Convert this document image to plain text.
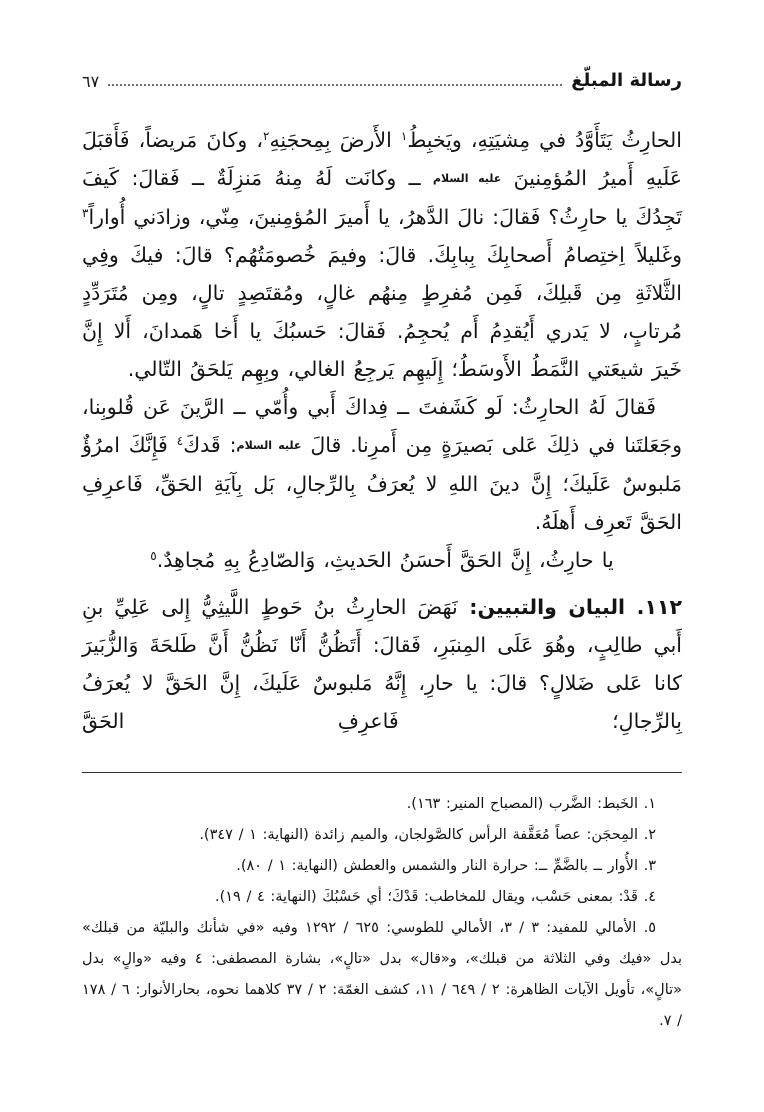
رسالة المبلّغ
٦٧

الحارِثُ يَتَأَوَّدُ في مِشيَتِهِ، ويَخبِطُ$^١$ الأَرضَ بِمِحجَنِهِ$^٢$، وكانَ مَريضاً، فَأَقبَلَ عَلَيهِ أَميرُ المُؤمِنينَ عليه السلام ــ وكانَت لَهُ مِنهُ مَنزِلَةٌ ــ فَقالَ: كَيفَ تَجِدُكَ يا حارِثُ؟ فَقالَ: نالَ الدَّهرُ، يا أَميرَ المُؤمِنينَ، مِنّي، وزادَني أُواراً$^٣$ وغَليلاً اِختِصامُ أَصحابِكَ بِبابِكَ. قالَ: وفيمَ خُصومَتُهُم؟ قالَ: فيكَ وفِي الثَّلاثَةِ مِن قَبلِكَ، فَمِن مُفرِطٍ مِنهُم غالٍ، ومُقتَصِدٍ تالٍ، ومِن مُتَرَدِّدٍ مُرتابٍ، لا يَدري أَيُقدِمُ أَم يُحجِمُ. فَقالَ: حَسبُكَ يا أَخا هَمدانَ، أَلا إِنَّ خَيرَ شيعَتي النَّمَطُ الأَوسَطُ؛ إِلَيهِم يَرجِعُ الغالي، وبِهِم يَلحَقُ التّالي.

فَقالَ لَهُ الحارِثُ: لَو كَشَفتَ ــ فِداكَ أَبي وأُمّي ــ الرَّينَ عَن قُلوبِنا، وجَعَلتَنا في ذلِكَ عَلى بَصيرَةٍ مِن أَمرِنا. قالَ عليه السلام: قَدكَ$^٤$ فَإِنَّكَ امرُؤٌ مَلبوسٌ عَلَيكَ؛ إِنَّ دينَ اللهِ لا يُعرَفُ بِالرِّجالِ، بَل بِآيَةِ الحَقِّ، فَاعرِفِ الحَقَّ تَعرِف أَهلَهُ.

يا حارِثُ، إِنَّ الحَقَّ أَحسَنُ الحَديثِ، وَالصّادِعُ بِهِ مُجاهِدٌ.$^٥$

١١٢. البيان والتبيين: نَهَضَ الحارِثُ بنُ حَوطٍ اللَّيثِيُّ إِلى عَلِيِّ بنِ أَبي طالِبٍ، وهُوَ عَلَى المِنبَرِ، فَقالَ: أَتَظُنُّ أَنّا نَظُنُّ أَنَّ طَلحَةَ وَالزُّبَيرَ كانا عَلى ضَلالٍ؟ قالَ: يا حارِ، إِنَّهُ مَلبوسٌ عَلَيكَ، إِنَّ الحَقَّ لا يُعرَفُ بِالرِّجالِ؛ فَاعرِفِ الحَقَّ

١. الخَبط: الضَّرب (المصباح المنير: ١٦٣).

٢. المِحجَن: عصاً مُعَقَّفة الرأس كالصَّولجان، والميم زائدة (النهاية: ١ / ٣٤٧).

٣. الأُوار ــ بالضَّمِّ ــ: حرارة النار والشمس والعطش (النهاية: ١ / ٨٠).

٤. قَدْ: بمعنى حَسْب، ويقال للمخاطب: قَدْكَ؛ أي حَسْبُكَ (النهاية: ٤ / ١٩).

٥. الأمالي للمفيد: ٣ / ٣، الأمالي للطوسي: ٦٢٥ / ١٢٩٢ وفيه «في شأنك والبليّة من قبلك» بدل «فيك وفي الثلاثة من قبلك»، و«قال» بدل «تالٍ»، بشارة المصطفى: ٤ وفيه «والٍ» بدل «تالٍ»، تأويل الآيات الظاهرة: ٢ / ٦٤٩ / ١١، كشف الغمّة: ٢ / ٣٧ كلاهما نحوه، بحارالأنوار: ٦ / ١٧٨ / ٧.
